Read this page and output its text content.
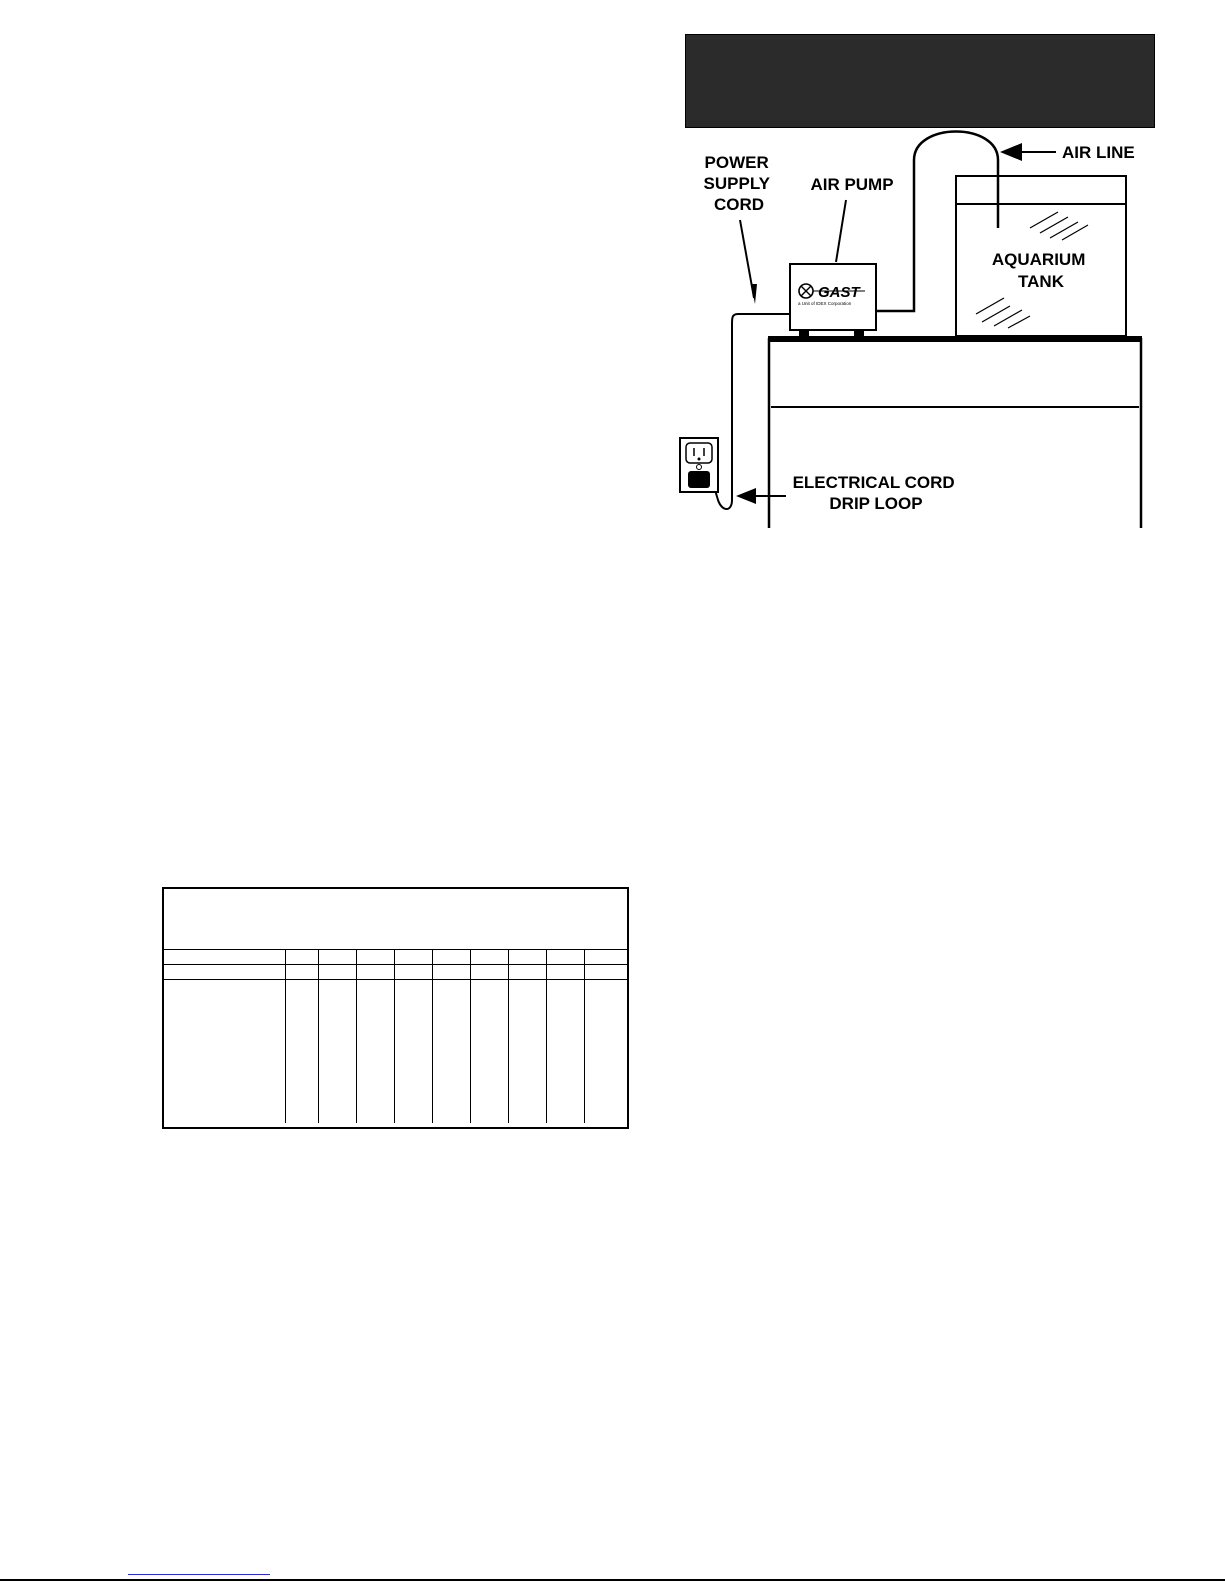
GAST
a Unit of IDEX Corporation
POWER SUPPLY CORD
AIR PUMP
AIR LINE
AQUARIUM TANK
ELECTRICAL CORD DRIP LOOP
